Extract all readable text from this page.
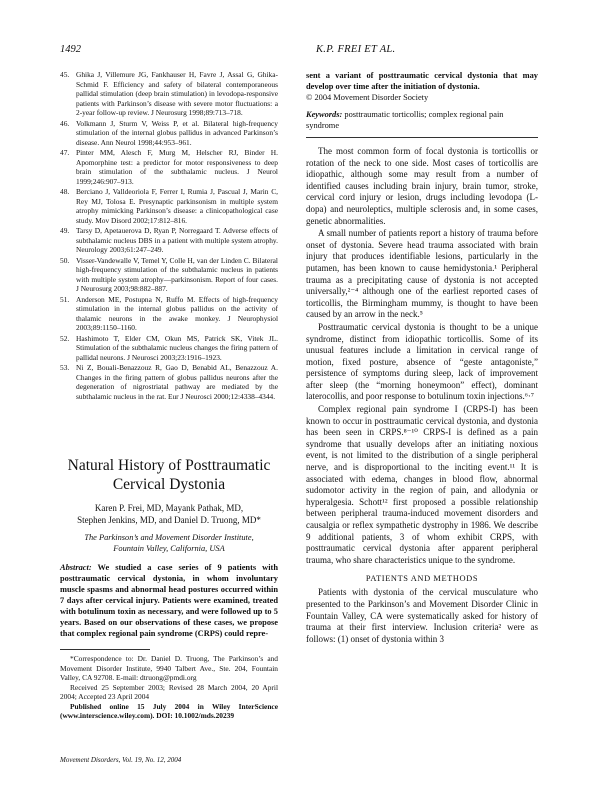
1492	K.P. FREI ET AL.
45. Ghika J, Villemure JG, Fankhauser H, Favre J, Assal G, Ghika-Schmid F. Efficiency and safety of bilateral contemporaneous pallidal stimulation (deep brain stimulation) in levodopa-responsive patients with Parkinson’s disease with severe motor fluctuations: a 2-year follow-up review. J Neurosurg 1998;89:713–718.
46. Volkmann J, Sturm V, Weiss P, et al. Bilateral high-frequency stimulation of the internal globus pallidus in advanced Parkinson’s disease. Ann Neurol 1998;44:953–961.
47. Pinter MM, Alesch F, Murg M, Helscher RJ, Binder H. Apomorphine test: a predictor for motor responsiveness to deep brain stimulation of the subthalamic nucleus. J Neurol 1999;246:907–913.
48. Berciano J, Valldeoriola F, Ferrer I, Rumia J, Pascual J, Marin C, Rey MJ, Tolosa E. Presynaptic parkinsonism in multiple system atrophy mimicking Parkinson’s disease: a clinicopathological case study. Mov Disord 2002;17:812–816.
49. Tarsy D, Apetauerova D, Ryan P, Norregaard T. Adverse effects of subthalamic nucleus DBS in a patient with multiple system atrophy. Neurology 2003;61:247–249.
50. Visser-Vandewalle V, Temel Y, Colle H, van der Linden C. Bilateral high-frequency stimulation of the subthalamic nucleus in patients with multiple system atrophy—parkinsonism. Report of four cases. J Neurosurg 2003;98:882–887.
51. Anderson ME, Postupna N, Ruffo M. Effects of high-frequency stimulation in the internal globus pallidus on the activity of thalamic neurons in the awake monkey. J Neurophysiol 2003;89:1150–1160.
52. Hashimoto T, Elder CM, Okun MS, Patrick SK, Vitek JL. Stimulation of the subthalamic nucleus changes the firing pattern of pallidal neurons. J Neurosci 2003;23:1916–1923.
53. Ni Z, Bouali-Benazzouz R, Gao D, Benabid AL, Benazzouz A. Changes in the firing pattern of globus pallidus neurons after the degeneration of nigrostriatal pathway are mediated by the subthalamic nucleus in the rat. Eur J Neurosci 2000;12:4338–4344.
Natural History of Posttraumatic
Cervical Dystonia
Karen P. Frei, MD, Mayank Pathak, MD,
Stephen Jenkins, MD, and Daniel D. Truong, MD*
The Parkinson’s and Movement Disorder Institute,
Fountain Valley, California, USA
Abstract: We studied a case series of 9 patients with posttraumatic cervical dystonia, in whom involuntary muscle spasms and abnormal head postures occurred within 7 days after cervical injury. Patients were examined, treated with botulinum toxin as necessary, and were followed up to 5 years. Based on our observations of these cases, we propose that complex regional pain syndrome (CRPS) could repre-

*Correspondence to: Dr. Daniel D. Truong, The Parkinson’s and Movement Disorder Institute, 9940 Talbert Ave., Ste. 204, Fountain Valley, CA 92708. E-mail: dtruong@pmdi.org

Received 25 September 2003; Revised 28 March 2004, 20 April 2004; Accepted 23 April 2004

Published online 15 July 2004 in Wiley InterScience (www.interscience.wiley.com). DOI: 10.1002/mds.20239

sent a variant of posttraumatic cervical dystonia that may develop over time after the initiation of dystonia.
© 2004 Movement Disorder Society
Keywords: posttraumatic torticollis; complex regional pain syndrome

The most common form of focal dystonia is torticollis or rotation of the neck to one side. Most cases of torticollis are idiopathic, although some may result from a number of identified causes including brain injury, brain tumor, stroke, cervical cord injury or lesion, drugs including levodopa (L-dopa) and neuroleptics, multiple sclerosis and, in some cases, genetic abnormalities.

A small number of patients report a history of trauma before onset of dystonia. Severe head trauma associated with brain injury that produces identifiable lesions, particularly in the putamen, has been known to cause hemidystonia.¹ Peripheral trauma as a precipitating cause of dystonia is not accepted universally,²⁻⁴ although one of the earliest reported cases of torticollis, the Birmingham mummy, is thought to have been caused by an arrow in the neck.⁵

Posttraumatic cervical dystonia is thought to be a unique syndrome, distinct from idiopathic torticollis. Some of its unusual features include a limitation in cervical range of motion, fixed posture, absence of “geste antagoniste,” persistence of symptoms during sleep, lack of improvement after sleep (the “morning honeymoon” effect), dominant laterocollis, and poor response to botulinum toxin injections.⁶·⁷

Complex regional pain syndrome I (CRPS-I) has been known to occur in posttraumatic cervical dystonia, and dystonia has been seen in CRPS.⁸⁻¹⁰ CRPS-I is defined as a pain syndrome that usually develops after an initiating noxious event, is not limited to the distribution of a single peripheral nerve, and is disproportional to the inciting event.¹¹ It is associated with edema, changes in blood flow, abnormal sudomotor activity in the region of pain, and allodynia or hyperalgesia. Schott¹² first proposed a possible relationship between peripheral trauma-induced movement disorders and causalgia or reflex sympathetic dystrophy in 1986. We describe 9 additional patients, 3 of whom exhibit CRPS, with posttraumatic cervical dystonia after apparent peripheral trauma, who share characteristics unique to the syndrome.

PATIENTS AND METHODS

Patients with dystonia of the cervical musculature who presented to the Parkinson’s and Movement Disorder Clinic in Fountain Valley, CA were systematically asked for history of trauma at their first interview. Inclusion criteria² were as follows: (1) onset of dystonia within 3

Movement Disorders, Vol. 19, No. 12, 2004
